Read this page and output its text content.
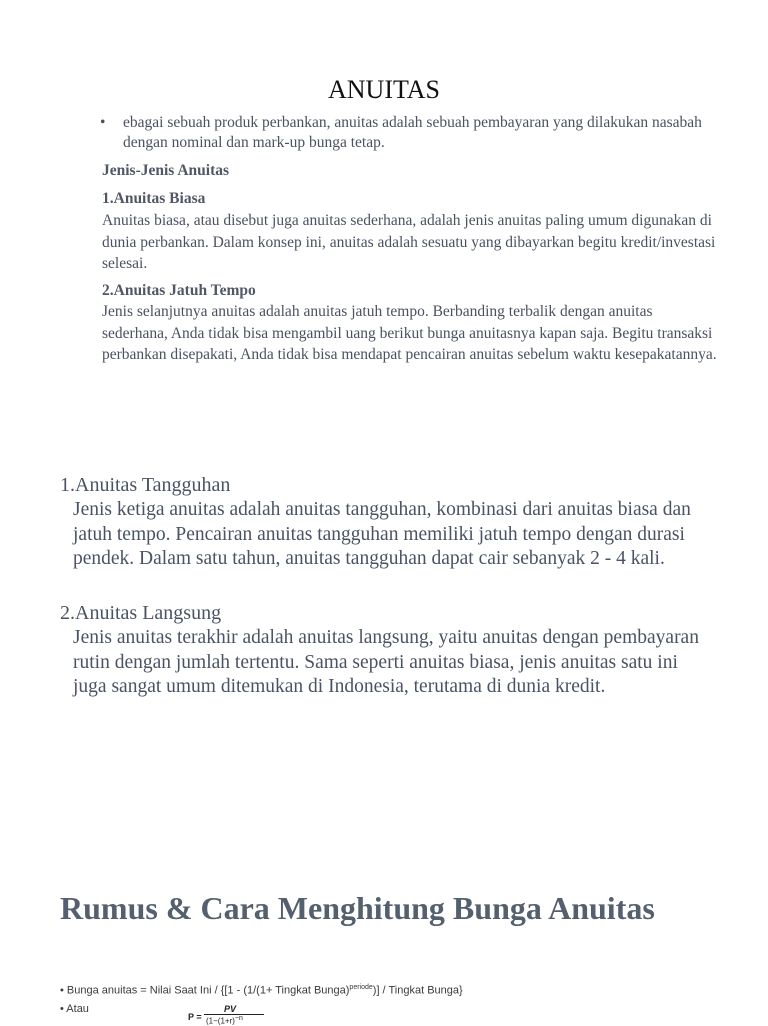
ANUITAS
• ebagai sebuah produk perbankan, anuitas adalah sebuah pembayaran yang dilakukan nasabah dengan nominal dan mark-up bunga tetap.
Jenis-Jenis Anuitas
1.Anuitas Biasa
Anuitas biasa, atau disebut juga anuitas sederhana, adalah jenis anuitas paling umum digunakan di dunia perbankan. Dalam konsep ini, anuitas adalah sesuatu yang dibayarkan begitu kredit/investasi selesai.
2.Anuitas Jatuh Tempo
Jenis selanjutnya anuitas adalah anuitas jatuh tempo. Berbanding terbalik dengan anuitas sederhana, Anda tidak bisa mengambil uang berikut bunga anuitasnya kapan saja. Begitu transaksi perbankan disepakati, Anda tidak bisa mendapat pencairan anuitas sebelum waktu kesepakatannya.
1.Anuitas Tangguhan
Jenis ketiga anuitas adalah anuitas tangguhan, kombinasi dari anuitas biasa dan jatuh tempo. Pencairan anuitas tangguhan memiliki jatuh tempo dengan durasi pendek. Dalam satu tahun, anuitas tangguhan dapat cair sebanyak 2 - 4 kali.
2.Anuitas Langsung
Jenis anuitas terakhir adalah anuitas langsung, yaitu anuitas dengan pembayaran rutin dengan jumlah tertentu. Sama seperti anuitas biasa, jenis anuitas satu ini juga sangat umum ditemukan di Indonesia, terutama di dunia kredit.
Rumus & Cara Menghitung Bunga Anuitas
• Bunga anuitas = Nilai Saat Ini / {[1 - (1/(1+ Tingkat Bunga)$^{periode}$)] / Tingkat Bunga}
• Atau
P =
PV
(1−(1+r)−n
